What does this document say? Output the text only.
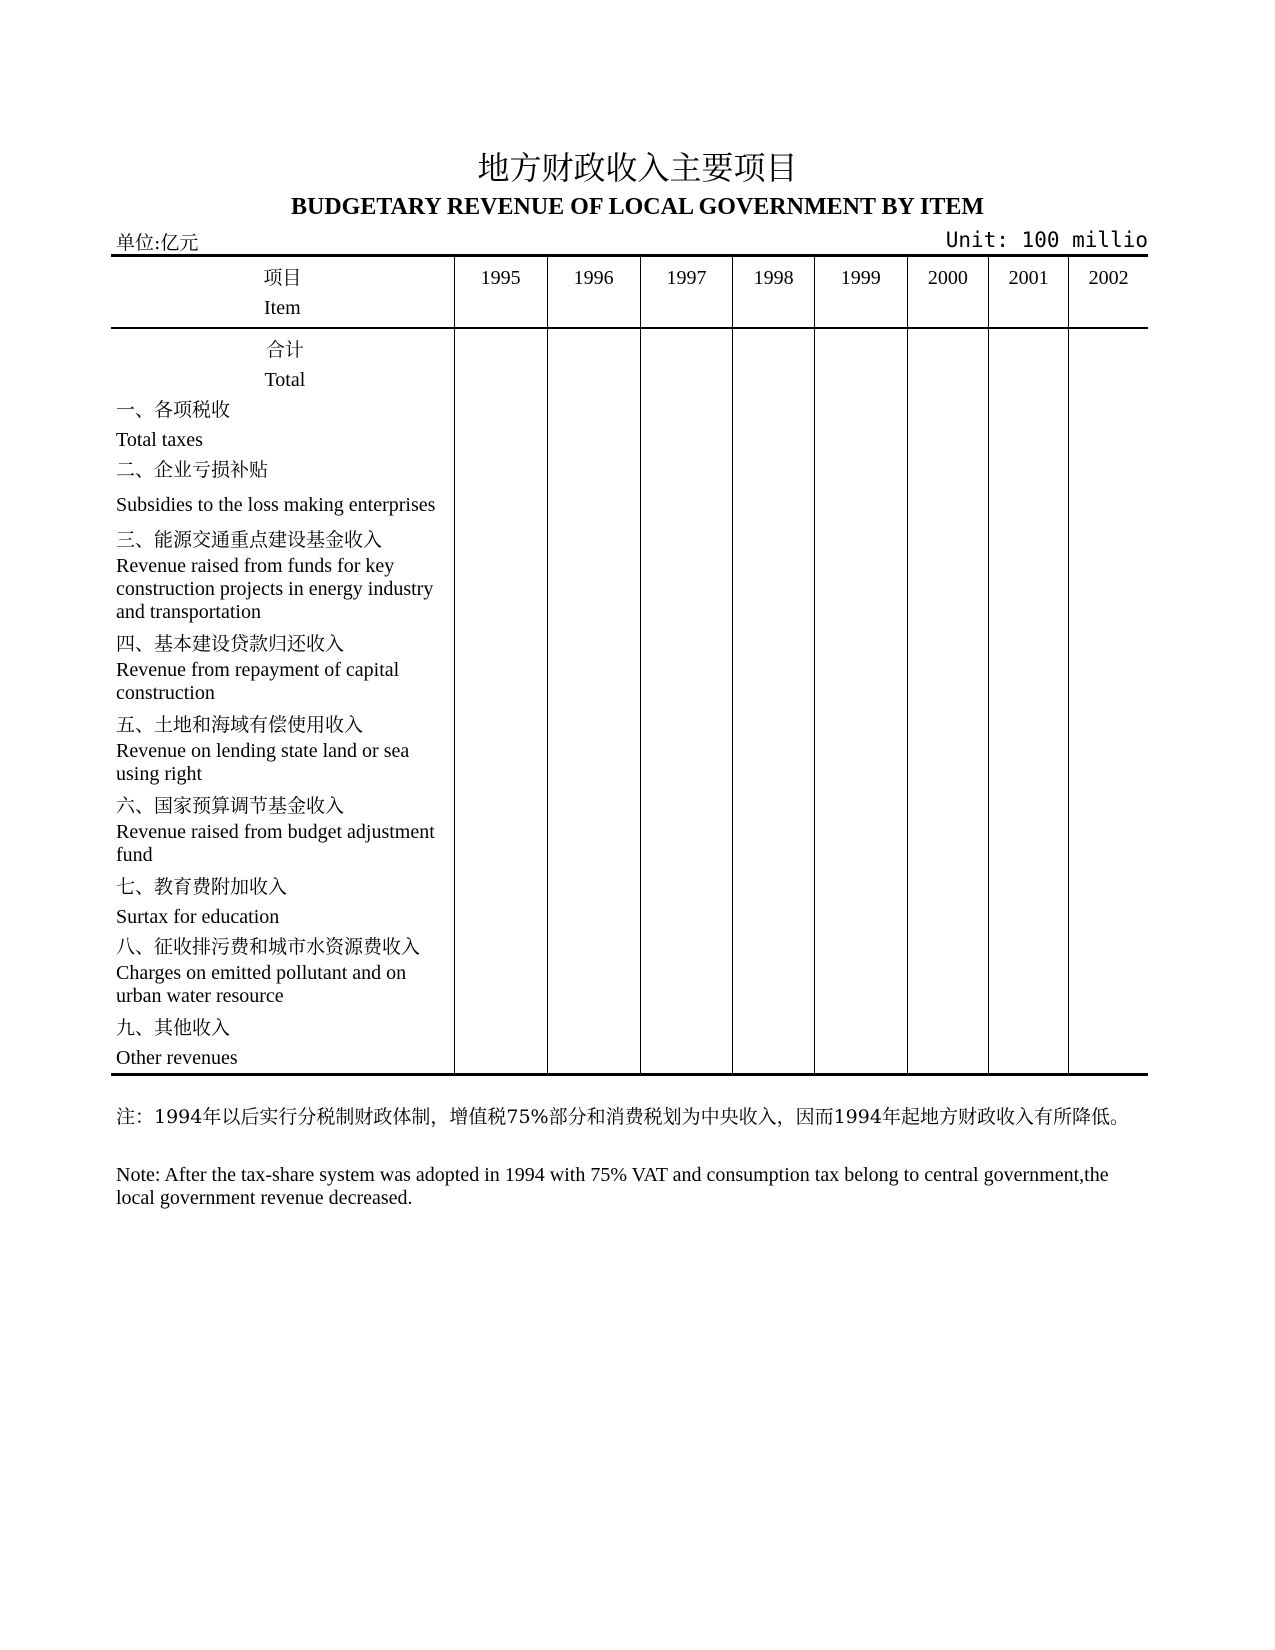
地方财政收入主要项目
BUDGETARY REVENUE OF LOCAL GOVERNMENT BY ITEM
单位:亿元	Unit: 100 millio
项目
Item	1995	1996	1997	1998	1999	2000	2001	2002

合计
Total								

一、各项税收
Total taxes								

二、企业亏损补贴
Subsidies to the loss making enterprises								

三、能源交通重点建设基金收入
Revenue raised from funds for key construction projects in energy industry and transportation								

四、基本建设贷款归还收入
Revenue from repayment of capital construction								

五、土地和海域有偿使用收入
Revenue on lending state land or sea using right								

六、国家预算调节基金收入
Revenue raised from budget adjustment fund								

七、教育费附加收入
Surtax for education								

八、征收排污费和城市水资源费收入
Charges on emitted pollutant and on urban water resource								

九、其他收入
Other revenues								

注：1994年以后实行分税制财政体制，增值税75%部分和消费税划为中央收入，因而1994年起地方财政收入有所降低。
Note: After the tax-share system was adopted in 1994 with 75% VAT and consumption tax belong to central government,the local government revenue decreased.
